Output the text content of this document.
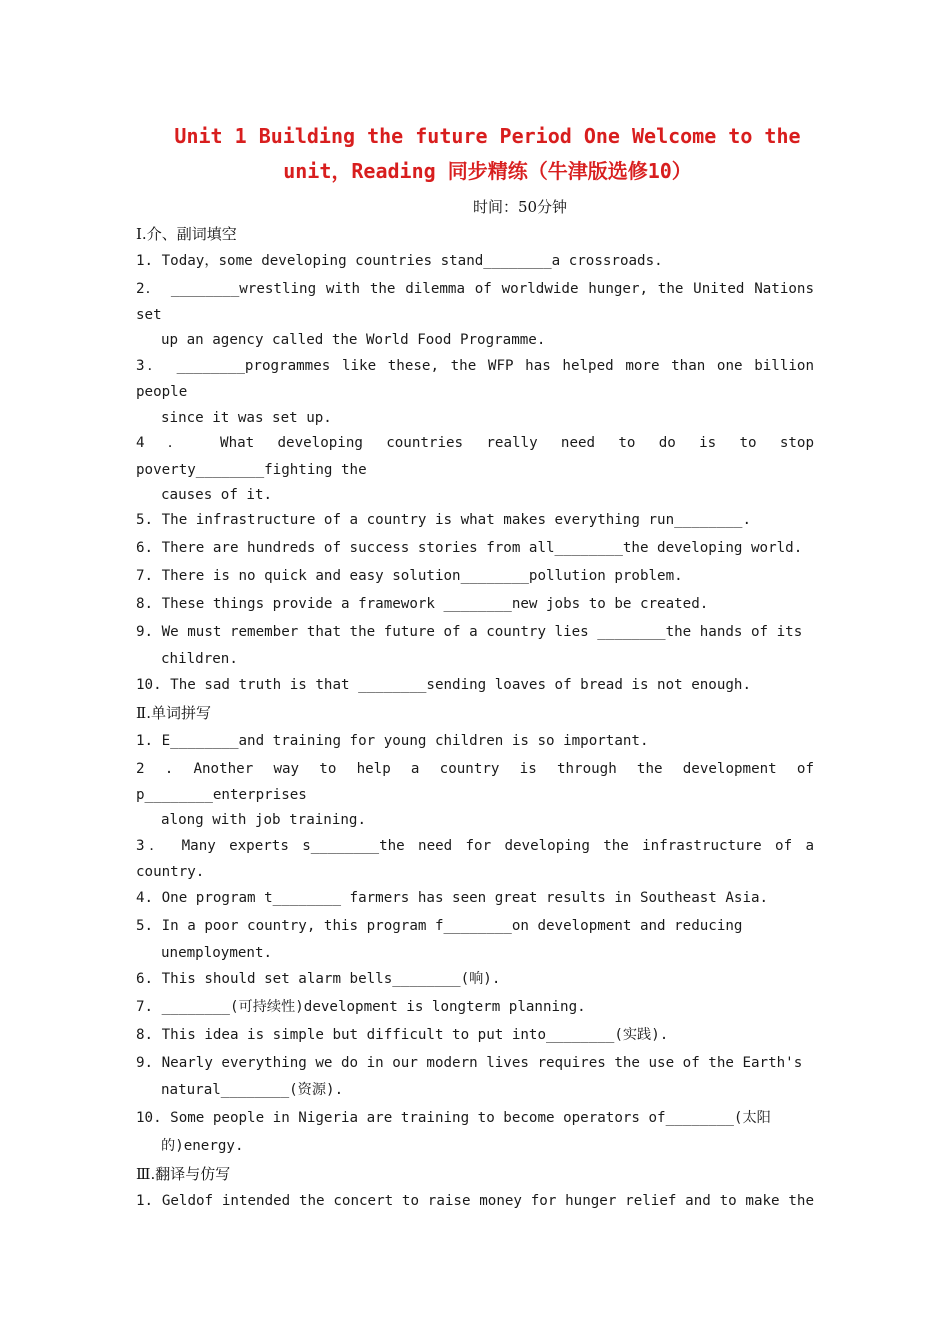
Unit 1 Building the future Period One Welcome to the
unit，Reading 同步精练（牛津版选修10）
时间：50分钟
Ⅰ.介、副词填空
1. Today，some developing countries stand________a crossroads.
2． ________wrestling with the dilemma of worldwide hunger, the United Nations
set
up an agency called the World Food Programme.
3． ________programmes like these, the WFP has helped more than one billion
people
since it was set up.
4 ． What developing countries really need to do is to stop
poverty________fighting the
causes of it.
5. The infrastructure of a country is what makes everything run________.
6. There are hundreds of success stories from all________the developing world.
7. There is no quick and easy solution________pollution problem.
8. These things provide a framework ________new jobs to be created.
9. We must remember that the future of a country lies ________the hands of its
children.
10. The sad truth is that ________sending loaves of bread is not enough.
Ⅱ.单词拼写
1. E________and training for young children is so important.
2 . Another way to help a country is through the development of
p________enterprises
along with job training.
3． Many experts s________the need for developing the infrastructure of a
country.
4. One program t________ farmers has seen great results in Southeast Asia.
5. In a poor country, this program f________on development and reducing
unemployment.
6. This should set alarm bells________(响).
7. ________(可持续性)development is longterm planning.
8. This idea is simple but difficult to put into________(实践).
9. Nearly everything we do in our modern lives requires the use of the Earth's
natural________(资源).
10. Some people in Nigeria are training to become operators of________(太阳
的)energy.
Ⅲ.翻译与仿写
1. Geldof intended the concert to raise money for hunger relief and to make the
